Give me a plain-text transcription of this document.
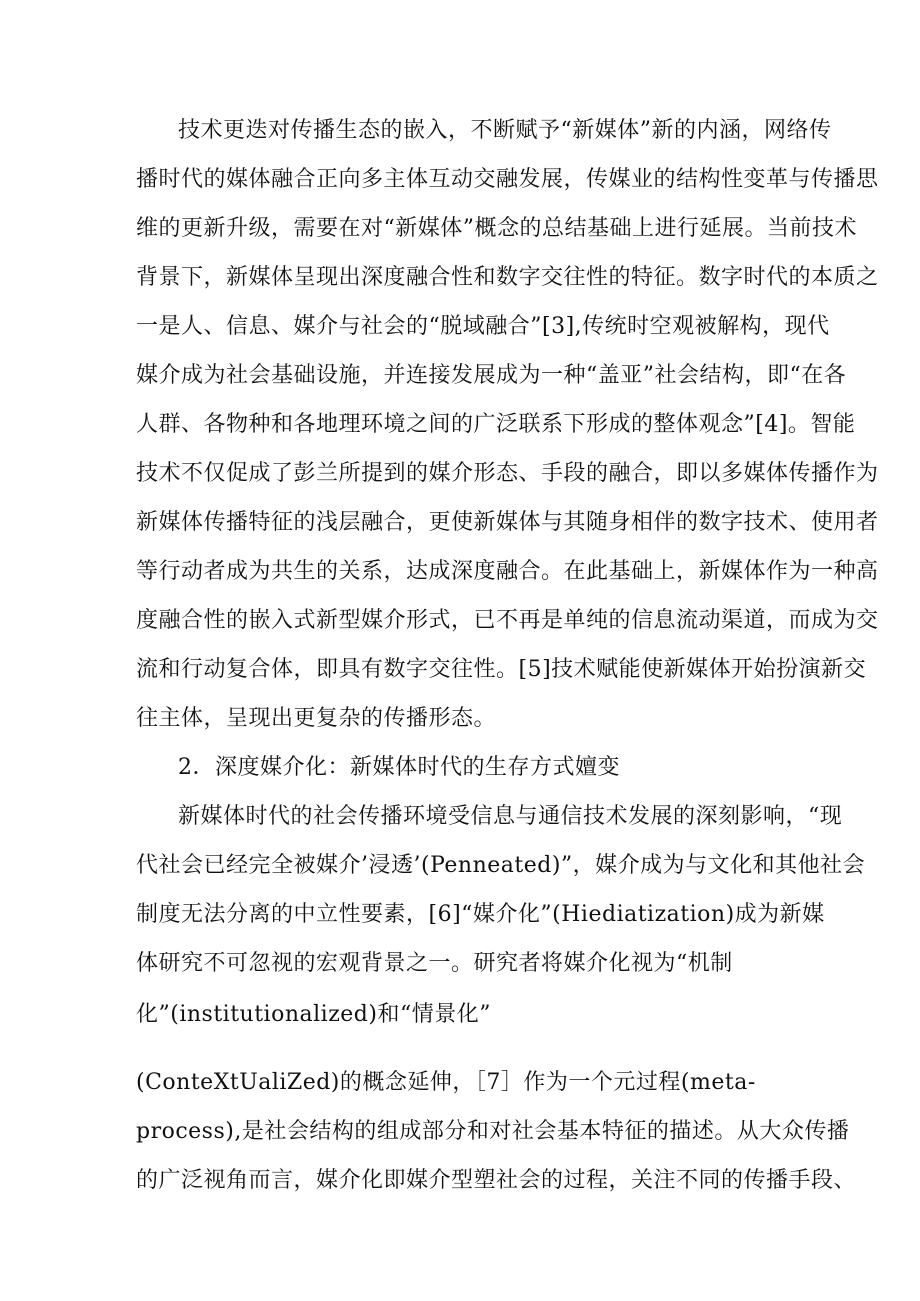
技术更迭对传播生态的嵌入，不断赋予“新媒体”新的内涵，网络传
播时代的媒体融合正向多主体互动交融发展，传媒业的结构性变革与传播思
维的更新升级，需要在对“新媒体”概念的总结基础上进行延展。当前技术
背景下，新媒体呈现出深度融合性和数字交往性的特征。数字时代的本质之
一是人、信息、媒介与社会的“脱域融合”[3],传统时空观被解构，现代
媒介成为社会基础设施，并连接发展成为一种“盖亚”社会结构，即“在各
人群、各物种和各地理环境之间的广泛联系下形成的整体观念”[4]。智能
技术不仅促成了彭兰所提到的媒介形态、手段的融合，即以多媒体传播作为
新媒体传播特征的浅层融合，更使新媒体与其随身相伴的数字技术、使用者
等行动者成为共生的关系，达成深度融合。在此基础上，新媒体作为一种高
度融合性的嵌入式新型媒介形式，已不再是单纯的信息流动渠道，而成为交
流和行动复合体，即具有数字交往性。[5]技术赋能使新媒体开始扮演新交
往主体，呈现出更复杂的传播形态。
2．深度媒介化：新媒体时代的生存方式嬗变
新媒体时代的社会传播环境受信息与通信技术发展的深刻影响，“现
代社会已经完全被媒介’浸透’(Penneated)”，媒介成为与文化和其他社会
制度无法分离的中立性要素，[6]“媒介化”(Hiediatization)成为新媒
体研究不可忽视的宏观背景之一。研究者将媒介化视为“机制
化”(institutionalized)和“情景化”
(ConteXtUaliZed)的概念延伸，［7］作为一个元过程(meta-
process),是社会结构的组成部分和对社会基本特征的描述。从大众传播
的广泛视角而言，媒介化即媒介型塑社会的过程，关注不同的传播手段、
